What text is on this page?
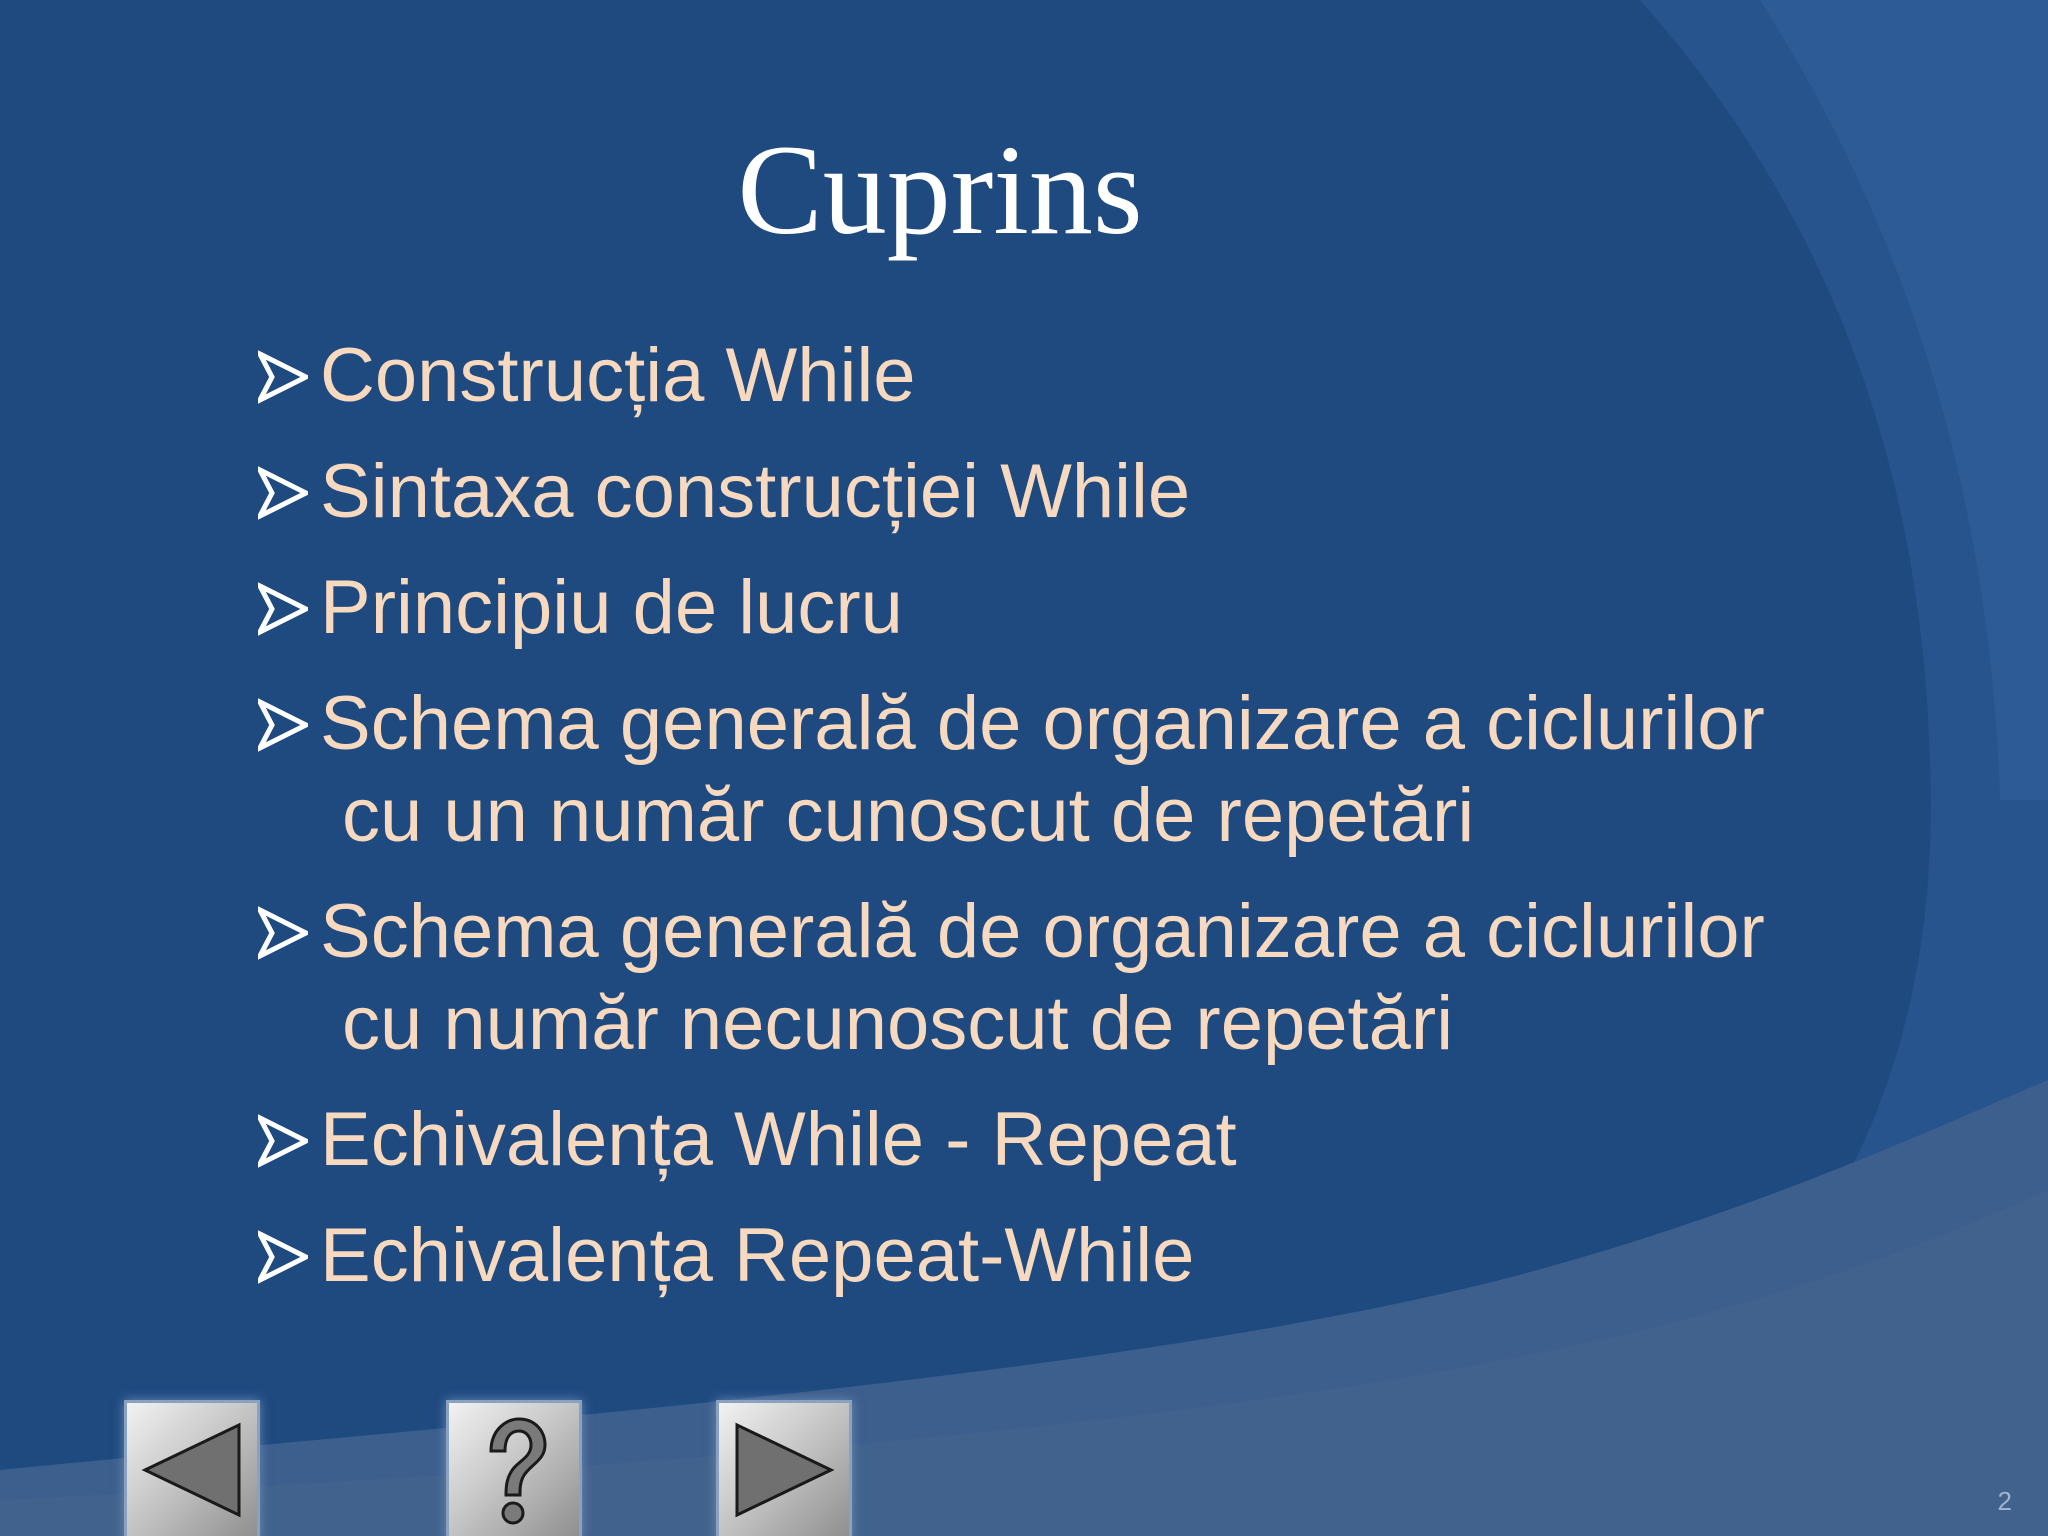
Cuprins
Construcția While
Sintaxa construcției While
Principiu de lucru
Schema generală de organizare a ciclurilor
cu un număr cunoscut de repetări
Schema generală de organizare a ciclurilor
cu număr necunoscut de repetări
Echivalența While - Repeat
Echivalența Repeat-While
2
